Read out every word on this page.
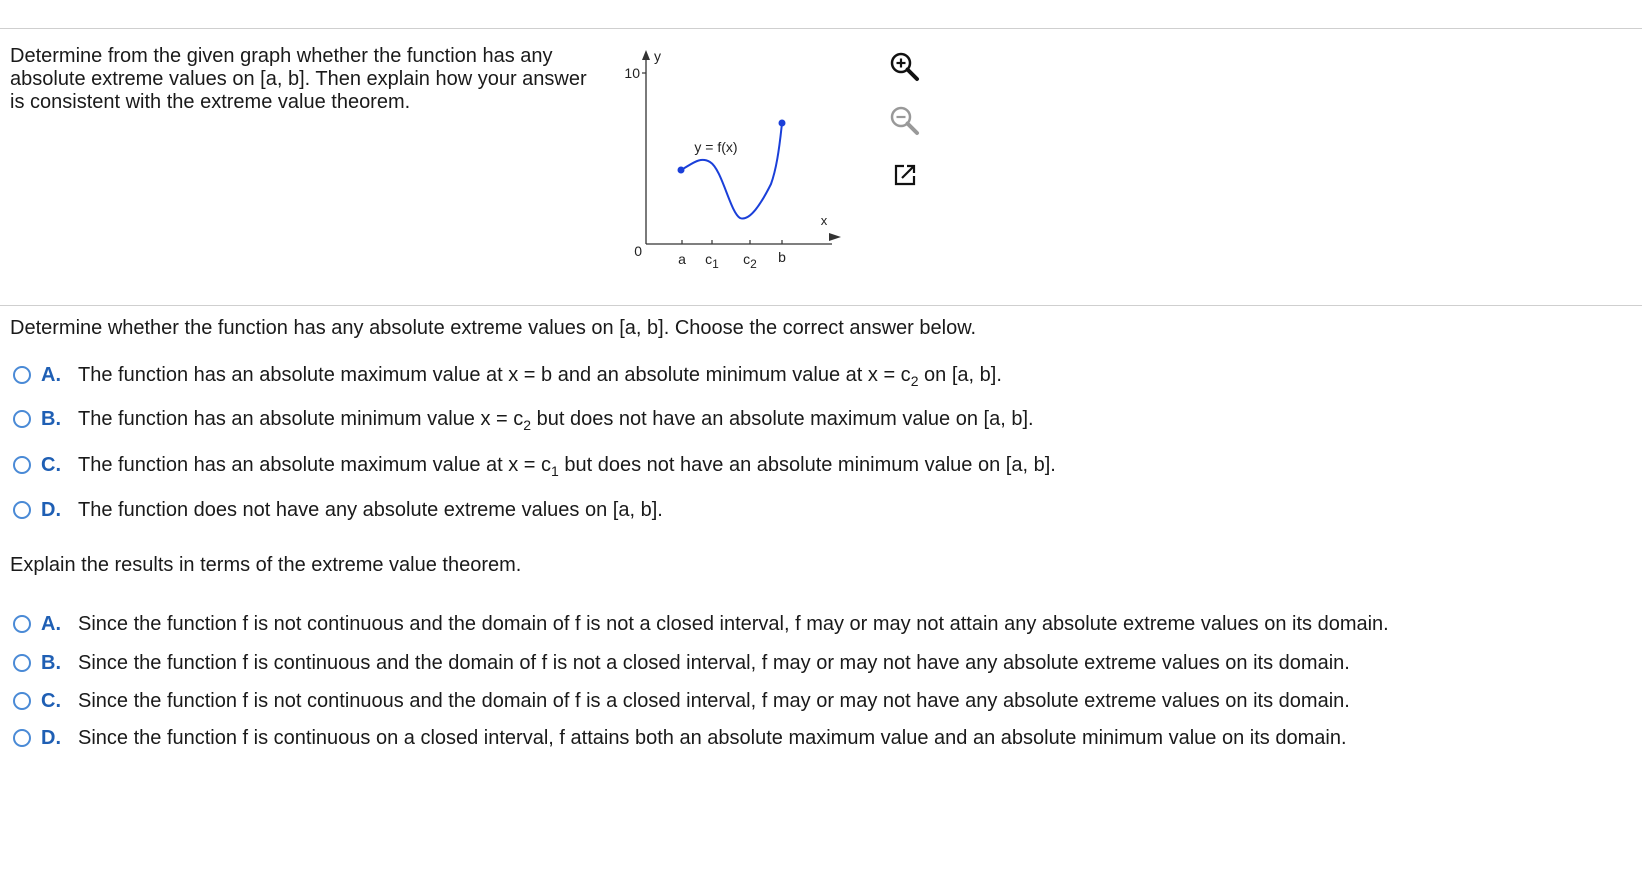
Determine from the given graph whether the function has any absolute extreme values on [a, b]. Then explain how your answer is consistent with the extreme value theorem.
y
10
x
0	a c1 c2 b
y = f(x)
Determine whether the function has any absolute extreme values on [a, b]. Choose the correct answer below.
A. The function has an absolute maximum value at x = b and an absolute minimum value at $x = c_2$ on [a, b].
B. The function has an absolute minimum value $x = c_2$ but does not have an absolute maximum value on [a, b].
C. The function has an absolute maximum value at $x = c_1$ but does not have an absolute minimum value on [a, b].
D. The function does not have any absolute extreme values on [a, b].
Explain the results in terms of the extreme value theorem.
A. Since the function f is not continuous and the domain of f is not a closed interval, f may or may not attain any absolute extreme values on its domain.
B. Since the function f is continuous and the domain of f is not a closed interval, f may or may not have any absolute extreme values on its domain.
C. Since the function f is not continuous and the domain of f is a closed interval, f may or may not have any absolute extreme values on its domain.
D. Since the function f is continuous on a closed interval, f attains both an absolute maximum value and an absolute minimum value on its domain.
